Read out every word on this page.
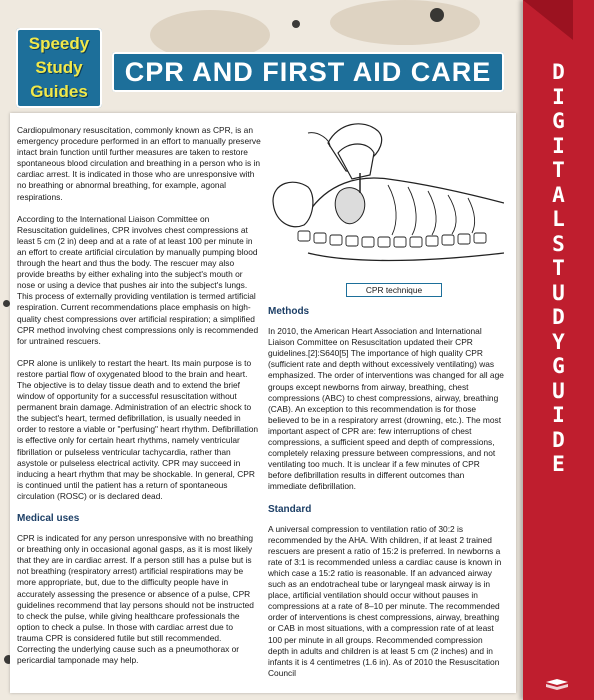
Speedy
Study
Guides
CPR AND FIRST AID CARE	D
I
G
I
T
A
L
S
T
U
D
Y
G
U
I
D
E

Cardiopulmonary resuscitation, commonly known as CPR, is an emergency procedure performed in an effort to manually preserve intact brain function until further measures are taken to restore spontaneous blood circulation and breathing in a person who is in cardiac arrest. It is indicated in those who are unresponsive with no breathing or abnormal breathing, for example, agonal respirations.

According to the International Liaison Committee on Resuscitation guidelines, CPR involves chest compressions at least 5 cm (2 in) deep and at a rate of at least 100 per minute in an effort to create artificial circulation by manually pumping blood through the heart and thus the body. The rescuer may also provide breaths by either exhaling into the subject's mouth or nose or using a device that pushes air into the subject's lungs. This process of externally providing ventilation is termed artificial respiration. Current recommendations place emphasis on high-quality chest compressions over artificial respiration; a simplified CPR method involving chest compressions only is recommended for untrained rescuers.

CPR alone is unlikely to restart the heart. Its main purpose is to restore partial flow of oxygenated blood to the brain and heart. The objective is to delay tissue death and to extend the brief window of opportunity for a successful resuscitation without permanent brain damage. Administration of an electric shock to the subject's heart, termed defibrillation, is usually needed in order to restore a viable or "perfusing" heart rhythm. Defibrillation is effective only for certain heart rhythms, namely ventricular fibrillation or pulseless ventricular tachycardia, rather than asystole or pulseless electrical activity. CPR may succeed in inducing a heart rhythm that may be shockable. In general, CPR is continued until the patient has a return of spontaneous circulation (ROSC) or is declared dead.

Medical uses

CPR is indicated for any person unresponsive with no breathing or breathing only in occasional agonal gasps, as it is most likely that they are in cardiac arrest. If a person still has a pulse but is not breathing (respiratory arrest) artificial respirations may be more appropriate, but, due to the difficulty people have in accurately assessing the presence or absence of a pulse, CPR guidelines recommend that lay persons should not be instructed to check the pulse, while giving healthcare professionals the option to check a pulse. In those with cardiac arrest due to trauma CPR is considered futile but still recommended. Correcting the underlying cause such as a pneumothorax or pericardial tamponade may help.

CPR technique
Methods

In 2010, the American Heart Association and International Liaison Committee on Resuscitation updated their CPR guidelines.[2]:S640[5] The importance of high quality CPR (sufficient rate and depth without excessively ventilating) was emphasized. The order of interventions was changed for all age groups except newborns from airway, breathing, chest compressions (ABC) to chest compressions, airway, breathing (CAB). An exception to this recommendation is for those believed to be in a respiratory arrest (drowning, etc.). The most important aspect of CPR are: few interruptions of chest compressions, a sufficient speed and depth of compressions, completely relaxing pressure between compressions, and not ventilating too much. It is unclear if a few minutes of CPR before defibrillation results in different outcomes than immediate defibrillation.

Standard

A universal compression to ventilation ratio of 30:2 is recommended by the AHA. With children, if at least 2 trained rescuers are present a ratio of 15:2 is preferred. In newborns a rate of 3:1 is recommended unless a cardiac cause is known in which case a 15:2 ratio is reasonable. If an advanced airway such as an endotracheal tube or laryngeal mask airway is in place, artificial ventilation should occur without pauses in compressions at a rate of 8–10 per minute. The recommended order of interventions is chest compressions, airway, breathing or CAB in most situations, with a compression rate of at least 100 per minute in all groups. Recommended compression depth in adults and children is at least 5 cm (2 inches) and in infants it is 4 centimetres (1.6 in). As of 2010 the Resuscitation Council
